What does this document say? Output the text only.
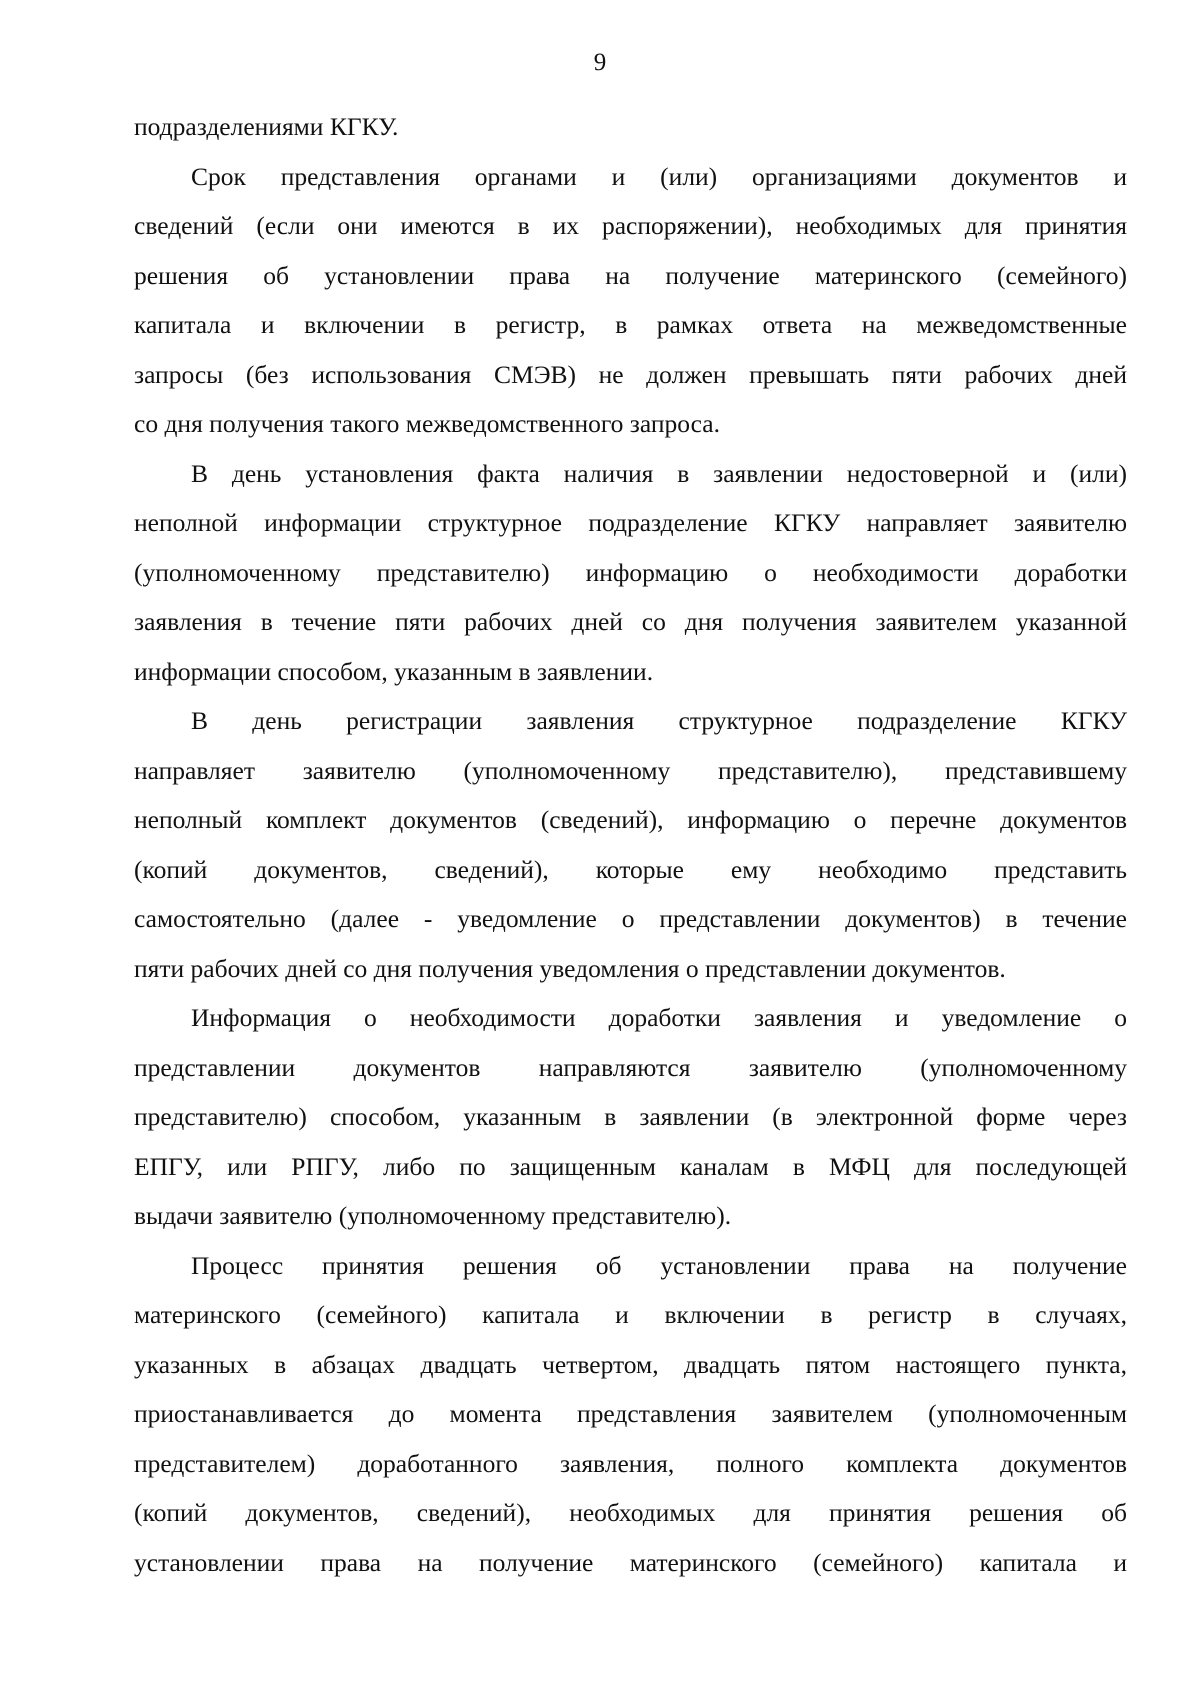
9
подразделениями КГКУ.
Срок представления органами и (или) организациями документов и
сведений (если они имеются в их распоряжении), необходимых для принятия
решения об установлении права на получение материнского (семейного)
капитала и включении в регистр, в рамках ответа на межведомственные
запросы (без использования СМЭВ) не должен превышать пяти рабочих дней
со дня получения такого межведомственного запроса.
В день установления факта наличия в заявлении недостоверной и (или)
неполной информации структурное подразделение КГКУ направляет заявителю
(уполномоченному представителю) информацию о необходимости доработки
заявления в течение пяти рабочих дней со дня получения заявителем указанной
информации способом, указанным в заявлении.
В день регистрации заявления структурное подразделение КГКУ
направляет заявителю (уполномоченному представителю), представившему
неполный комплект документов (сведений), информацию о перечне документов
(копий документов, сведений), которые ему необходимо представить
самостоятельно (далее - уведомление о представлении документов) в течение
пяти рабочих дней со дня получения уведомления о представлении документов.
Информация о необходимости доработки заявления и уведомление о
представлении документов направляются заявителю (уполномоченному
представителю) способом, указанным в заявлении (в электронной форме через
ЕПГУ, или РПГУ, либо по защищенным каналам в МФЦ для последующей
выдачи заявителю (уполномоченному представителю).
Процесс принятия решения об установлении права на получение
материнского (семейного) капитала и включении в регистр в случаях,
указанных в абзацах двадцать четвертом, двадцать пятом настоящего пункта,
приостанавливается до момента представления заявителем (уполномоченным
представителем) доработанного заявления, полного комплекта документов
(копий документов, сведений), необходимых для принятия решения об
установлении права на получение материнского (семейного) капитала и
